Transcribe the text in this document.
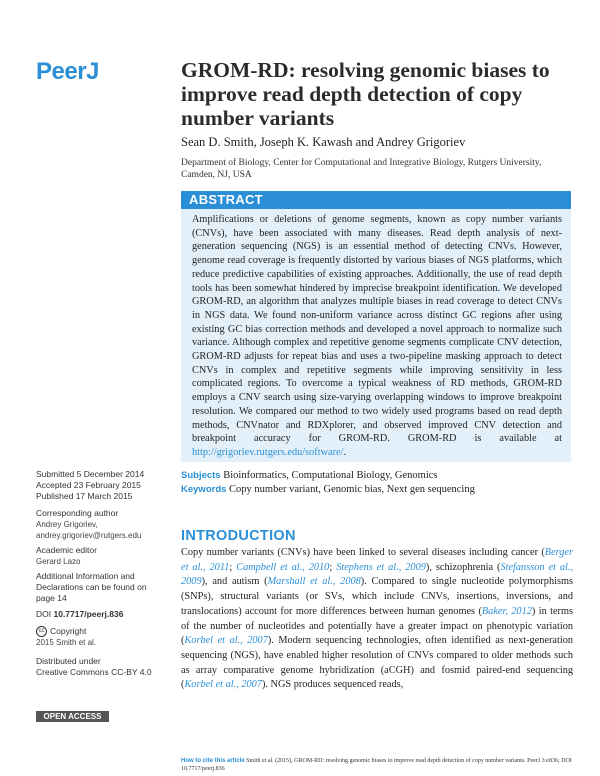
PeerJ	GROM-RD: resolving genomic biases to improve read depth detection of copy number variants
Sean D. Smith, Joseph K. Kawash and Andrey Grigoriev
Department of Biology, Center for Computational and Integrative Biology, Rutgers University, Camden, NJ, USA
ABSTRACT
Amplifications or deletions of genome segments, known as copy number variants (CNVs), have been associated with many diseases. Read depth analysis of next-generation sequencing (NGS) is an essential method of detecting CNVs. However, genome read coverage is frequently distorted by various biases of NGS platforms, which reduce predictive capabilities of existing approaches. Additionally, the use of read depth tools has been somewhat hindered by imprecise breakpoint identification. We developed GROM-RD, an algorithm that analyzes multiple biases in read coverage to detect CNVs in NGS data. We found non-uniform variance across distinct GC regions after using existing GC bias correction methods and developed a novel approach to normalize such variance. Although complex and repetitive genome segments complicate CNV detection, GROM-RD adjusts for repeat bias and uses a two-pipeline masking approach to detect CNVs in complex and repetitive segments while improving sensitivity in less complicated regions. To overcome a typical weakness of RD methods, GROM-RD employs a CNV search using size-varying overlapping windows to improve breakpoint resolution. We compared our method to two widely used programs based on read depth methods, CNVnator and RDXplorer, and observed improved CNV detection and breakpoint accuracy for GROM-RD. GROM-RD is available at http://grigoriev.rutgers.edu/software/.
Subjects Bioinformatics, Computational Biology, Genomics
Keywords Copy number variant, Genomic bias, Next gen sequencing
Submitted 5 December 2014
Accepted 23 February 2015
Published 17 March 2015
Corresponding author
Andrey Grigoriev,
andrey.grigoriev@rutgers.edu
Academic editor
Gerard Lazo
Additional Information and
Declarations can be found on
page 14
DOI 10.7717/peerj.836
cc Copyright
2015 Smith et al.
Distributed under
Creative Commons CC-BY 4.0
OPEN ACCESS
INTRODUCTION
Copy number variants (CNVs) have been linked to several diseases including cancer (Berger et al., 2011; Campbell et al., 2010; Stephens et al., 2009), schizophrenia (Stefansson et al., 2009), and autism (Marshall et al., 2008). Compared to single nucleotide polymorphisms (SNPs), structural variants (or SVs, which include CNVs, insertions, inversions, and translocations) account for more differences between human genomes (Baker, 2012) in terms of the number of nucleotides and potentially have a greater impact on phenotypic variation (Korbel et al., 2007). Modern sequencing technologies, often identified as next-generation sequencing (NGS), have enabled higher resolution of CNVs compared to older methods such as array comparative genome hybridization (aCGH) and fosmid paired-end sequencing (Korbel et al., 2007). NGS produces sequenced reads,
How to cite this article Smith et al. (2015), GROM-RD: resolving genomic biases to improve read depth detection of copy number variants. PeerJ 3:e836; DOI 10.7717/peerj.836
